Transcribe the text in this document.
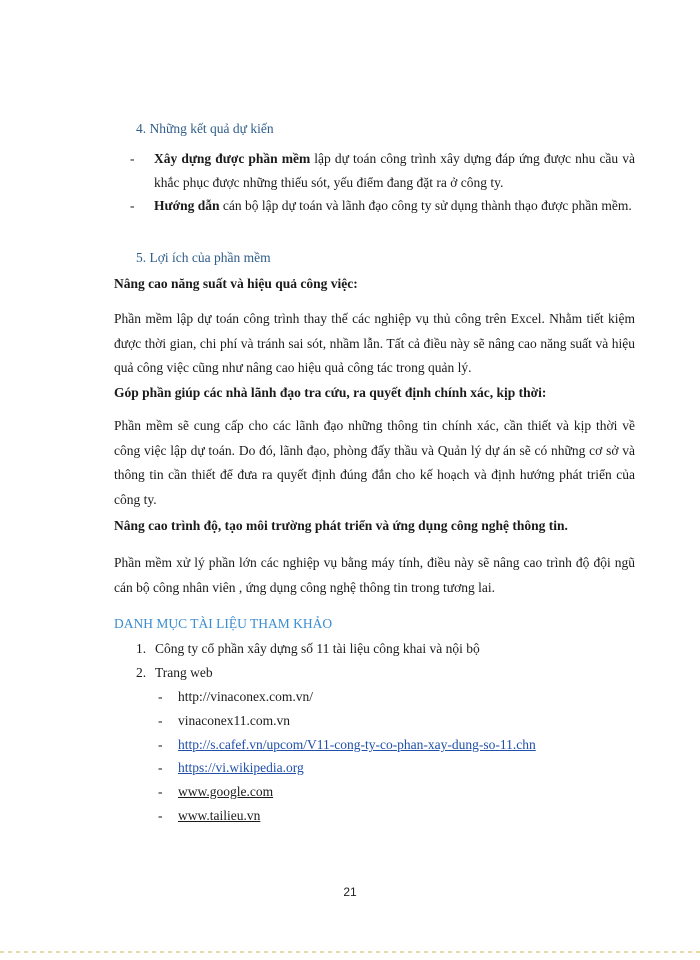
4. Những kết quả dự kiến
- Xây dựng được phần mềm lập dự toán công trình xây dựng đáp ứng được nhu cầu và khắc phục được những thiếu sót, yếu điểm đang đặt ra ở công ty.
- Hướng dẫn cán bộ lập dự toán và lãnh đạo công ty sử dụng thành thạo được phần mềm.
5. Lợi ích của phần mềm
Nâng cao năng suất và hiệu quả công việc:
Phần mềm lập dự toán công trình thay thế các nghiệp vụ thủ công trên Excel. Nhằm tiết kiệm được thời gian, chi phí và tránh sai sót, nhầm lẫn. Tất cả điều này sẽ nâng cao năng suất và hiệu quả công việc cũng như nâng cao hiệu quả công tác trong quản lý.
Góp phần giúp các nhà lãnh đạo tra cứu, ra quyết định chính xác, kịp thời:
Phần mềm sẽ cung cấp cho các lãnh đạo những thông tin chính xác, cần thiết và kịp thời về công việc lập dự toán. Do đó, lãnh đạo, phòng đấy thầu và Quản lý dự án sẽ có những cơ sở và thông tin cần thiết để đưa ra quyết định đúng đắn cho kế hoạch và định hướng phát triển của công ty.
Nâng cao trình độ, tạo môi trường phát triển và ứng dụng công nghệ thông tin.
Phần mềm xử lý phần lớn các nghiệp vụ bằng máy tính, điều này sẽ nâng cao trình độ đội ngũ cán bộ công nhân viên , ứng dụng công nghệ thông tin trong tương lai.
DANH MỤC TÀI LIỆU THAM KHẢO
1. Công ty cổ phần xây dựng số 11 tài liệu công khai và nội bộ
2. Trang web
- http://vinaconex.com.vn/
- vinaconex11.com.vn
- http://s.cafef.vn/upcom/V11-cong-ty-co-phan-xay-dung-so-11.chn
- https://vi.wikipedia.org
- www.google.com
- www.tailieu.vn
21
